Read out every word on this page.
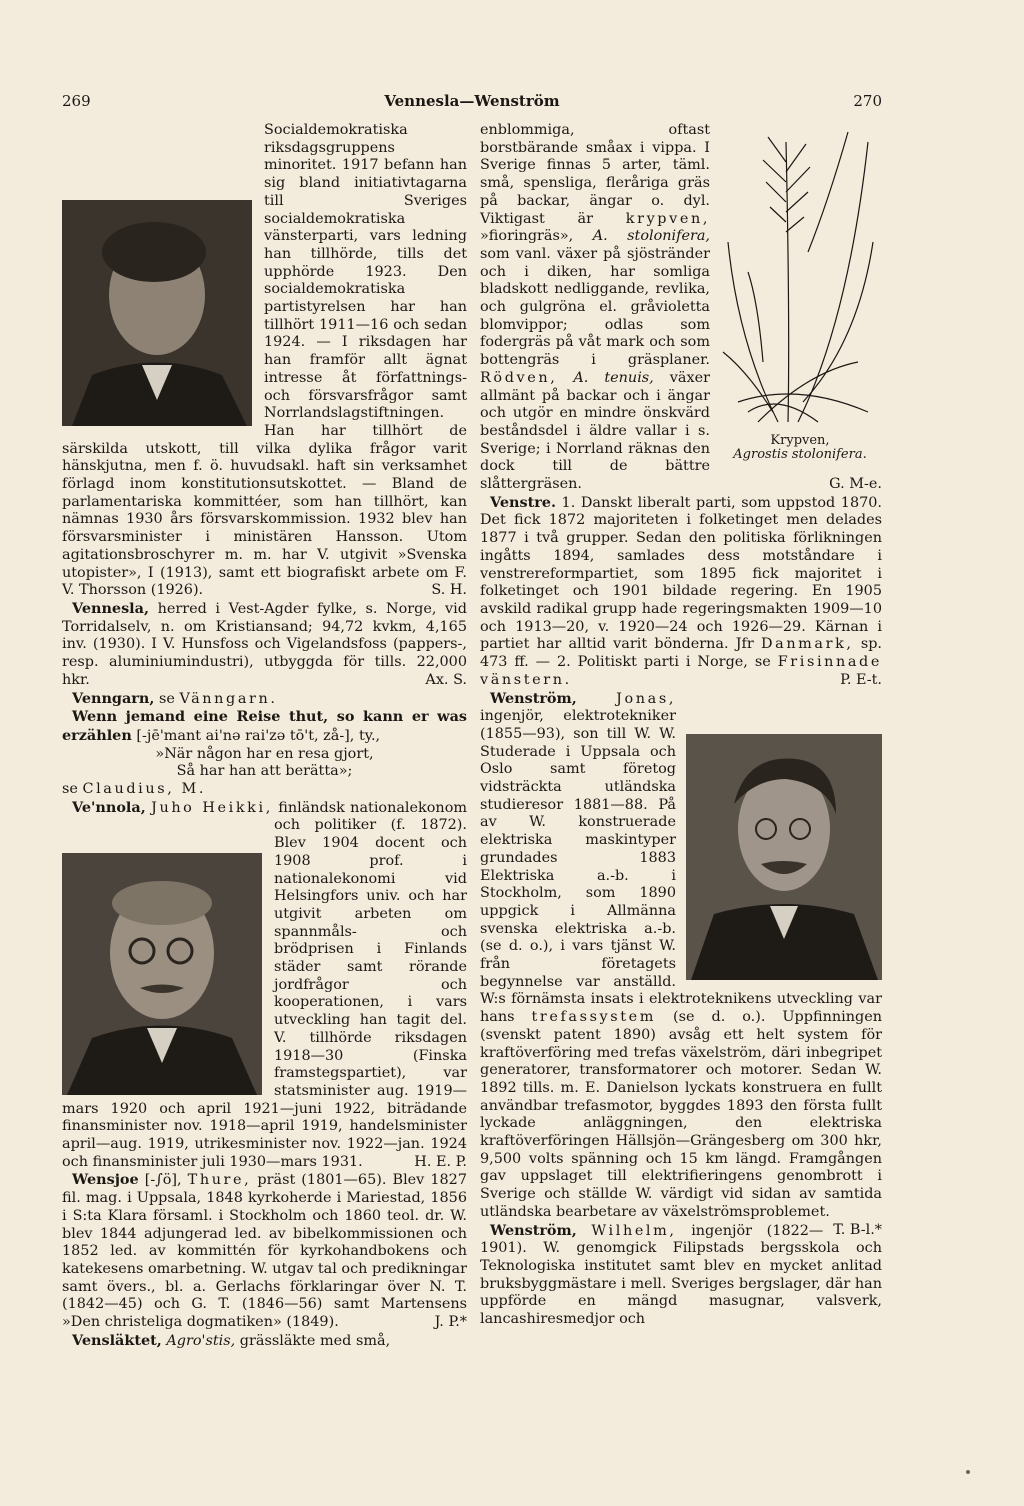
269	Vennesla—Wenström	270

Socialdemokratiska riksdagsgruppens minoritet. 1917 befann han sig bland initiativtagarna till Sveriges socialdemokratiska vänsterparti, vars ledning han tillhörde, tills det upphörde 1923. Den socialdemokratiska partistyrelsen har han tillhört 1911—16 och sedan 1924. — I riksdagen har han framför allt ägnat intresse åt författnings- och försvarsfrågor samt Norrlandslagstiftningen. Han har tillhört de särskilda utskott, till vilka dylika frågor varit hänskjutna, men f. ö. huvudsakl. haft sin verksamhet förlagd inom konstitutionsutskottet. — Bland de parlamentariska kommittéer, som han tillhört, kan nämnas 1930 års försvarskommission. 1932 blev han försvarsminister i ministären Hansson. Utom agitationsbroschyrer m. m. har V. utgivit »Svenska utopister», I (1913), samt ett biografiskt arbete om F. V. Thorsson (1926).	S. H.

Vennesla, herred i Vest-Agder fylke, s. Norge, vid Torridalselv, n. om Kristiansand; 94,72 kvkm, 4,165 inv. (1930). I V. Hunsfoss och Vigelandsfoss (pappers-, resp. aluminiumindustri), utbyggda för tills. 22,000 hkr.	Ax. S.

Venngarn, se Vänngarn.

Wenn jemand eine Reise thut, so kann er was erzählen [-jē'mant ai'nə rai'zə tō't, zå-], ty.,

»När någon har en resa gjort,

Så har han att berätta»;

se Claudius, M.

Ve'nnola, Juho Heikki, finländsk nationalekonom och politiker (f. 1872). Blev 1904 docent och 1908 prof. i nationalekonomi vid Helsingfors univ. och har utgivit arbeten om spannmåls- och brödprisen i Finlands städer samt rörande jordfrågor och kooperationen, i vars utveckling han tagit del. V. tillhörde riksdagen 1918—30 (Finska framstegspartiet), var statsminister aug. 1919—mars 1920 och april 1921—juni 1922, biträdande finansminister nov. 1918—april 1919, handelsminister april—aug. 1919, utrikesminister nov. 1922—jan. 1924 och finansminister juli 1930—mars 1931.	H. E. P.

Wensjoe [-∫ö], Thure, präst (1801—65). Blev 1827 fil. mag. i Uppsala, 1848 kyrkoherde i Mariestad, 1856 i S:ta Klara församl. i Stockholm och 1860 teol. dr. W. blev 1844 adjungerad led. av bibelkommissionen och 1852 led. av kommittén för kyrkohandbokens och katekesens omarbetning. W. utgav tal och predikningar samt övers., bl. a. Gerlachs förklaringar över N. T. (1842—45) och G. T. (1846—56) samt Martensens »Den christeliga dogmatiken» (1849).	J. P.*

Vensläktet, Agro'stis, grässläkte med små,

Krypven,
Agrostis stolonifera.
enblommiga, oftast borstbärande småax i vippa. I Sverige finnas 5 arter, täml. små, spensliga, fleråriga gräs på backar, ängar o. dyl. Viktigast är krypven, »fioringräs», A. stolonifera, som vanl. växer på sjöstränder och i diken, har somliga bladskott nedliggande, revlika, och gulgröna el. gråvioletta blomvippor; odlas som fodergräs på våt mark och som bottengräs i gräsplaner. Rödven, A. tenuis, växer allmänt på backar och i ängar och utgör en mindre önskvärd beståndsdel i äldre vallar i s. Sverige; i Norrland räknas den dock till de bättre slåttergräsen.	G. M-e.

Venstre. 1. Danskt liberalt parti, som uppstod 1870. Det fick 1872 majoriteten i folketinget men delades 1877 i två grupper. Sedan den politiska förlikningen ingåtts 1894, samlades dess motståndare i venstrereformpartiet, som 1895 fick majoritet i folketinget och 1901 bildade regering. En 1905 avskild radikal grupp hade regeringsmakten 1909—10 och 1913—20, v. 1920—24 och 1926—29. Kärnan i partiet har alltid varit bönderna. Jfr Danmark, sp. 473 ff. — 2. Politiskt parti i Norge, se Frisinnade vänstern.	P. E-t.

Wenström,	Jonas,
ingenjör, elektrotekniker (1855—93), son till W. W. Studerade i Uppsala och Oslo samt företog vidsträckta utländska studieresor 1881—88. På av W. konstruerade elektriska maskintyper grundades 1883 Elektriska a.-b. i Stockholm, som 1890 uppgick i Allmänna svenska elektriska a.-b. (se d. o.), i vars tjänst W. från företagets begynnelse var anställd. W:s förnämsta insats i elektroteknikens utveckling var hans trefassystem (se d. o.). Uppfinningen (svenskt patent 1890) avsåg ett helt system för kraftöverföring med trefas växelström, däri inbegripet generatorer, transformatorer och motorer. Sedan W. 1892 tills. m. E. Danielson lyckats konstruera en fullt användbar trefasmotor, byggdes 1893 den första fullt lyckade anläggningen, den elektriska kraftöverföringen Hällsjön—Grängesberg om 300 hkr, 9,500 volts spänning och 15 km längd. Framgången gav uppslaget till elektrifieringens genombrott i Sverige och ställde W. värdigt vid sidan av samtida utländska bearbetare av växelströmsproblemet.
T. B-l.*

Wenström, Wilhelm, ingenjör (1822—1901). W. genomgick Filipstads bergsskola och Teknologiska institutet samt blev en mycket anlitad bruksbyggmästare i mell. Sveriges bergslager, där han uppförde en mängd masugnar, valsverk, lancashiresmedjor och
